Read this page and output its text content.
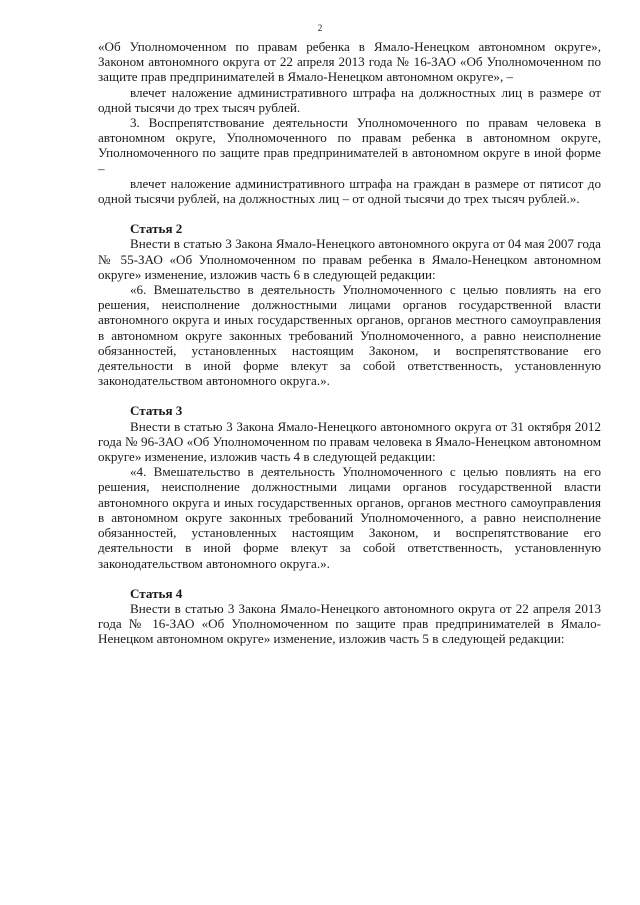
2

«Об Уполномоченном по правам ребенка в Ямало-Ненецком автономном округе», Законом автономного округа от 22 апреля 2013 года № 16-ЗАО «Об Уполномоченном по защите прав предпринимателей в Ямало-Ненецком автономном округе», –

влечет наложение административного штрафа на должностных лиц в размере от одной тысячи до трех тысяч рублей.

3. Воспрепятствование деятельности Уполномоченного по правам человека в автономном округе, Уполномоченного по правам ребенка в автономном округе, Уполномоченного по защите прав предпринимателей в автономном округе в иной форме –

влечет наложение административного штрафа на граждан в размере от пятисот до одной тысячи рублей, на должностных лиц – от одной тысячи до трех тысяч рублей.».

Статья 2

Внести в статью 3 Закона Ямало-Ненецкого автономного округа от 04 мая 2007 года № 55-ЗАО «Об Уполномоченном по правам ребенка в Ямало-Ненецком автономном округе» изменение, изложив часть 6 в следующей редакции:

«6. Вмешательство в деятельность Уполномоченного с целью повлиять на его решения, неисполнение должностными лицами органов государственной власти автономного округа и иных государственных органов, органов местного самоуправления в автономном округе законных требований Уполномоченного, а равно неисполнение обязанностей, установленных настоящим Законом, и воспрепятствование его деятельности в иной форме влекут за собой ответственность, установленную законодательством автономного округа.».

Статья 3

Внести в статью 3 Закона Ямало-Ненецкого автономного округа от 31 октября 2012 года № 96-ЗАО «Об Уполномоченном по правам человека в Ямало-Ненецком автономном округе» изменение, изложив часть 4 в следующей редакции:

«4. Вмешательство в деятельность Уполномоченного с целью повлиять на его решения, неисполнение должностными лицами органов государственной власти автономного округа и иных государственных органов, органов местного самоуправления в автономном округе законных требований Уполномоченного, а равно неисполнение обязанностей, установленных настоящим Законом, и воспрепятствование его деятельности в иной форме влекут за собой ответственность, установленную законодательством автономного округа.».

Статья 4

Внести в статью 3 Закона Ямало-Ненецкого автономного округа от 22 апреля 2013 года № 16-ЗАО «Об Уполномоченном по защите прав предпринимателей в Ямало-Ненецком автономном округе» изменение, изложив часть 5 в следующей редакции:
